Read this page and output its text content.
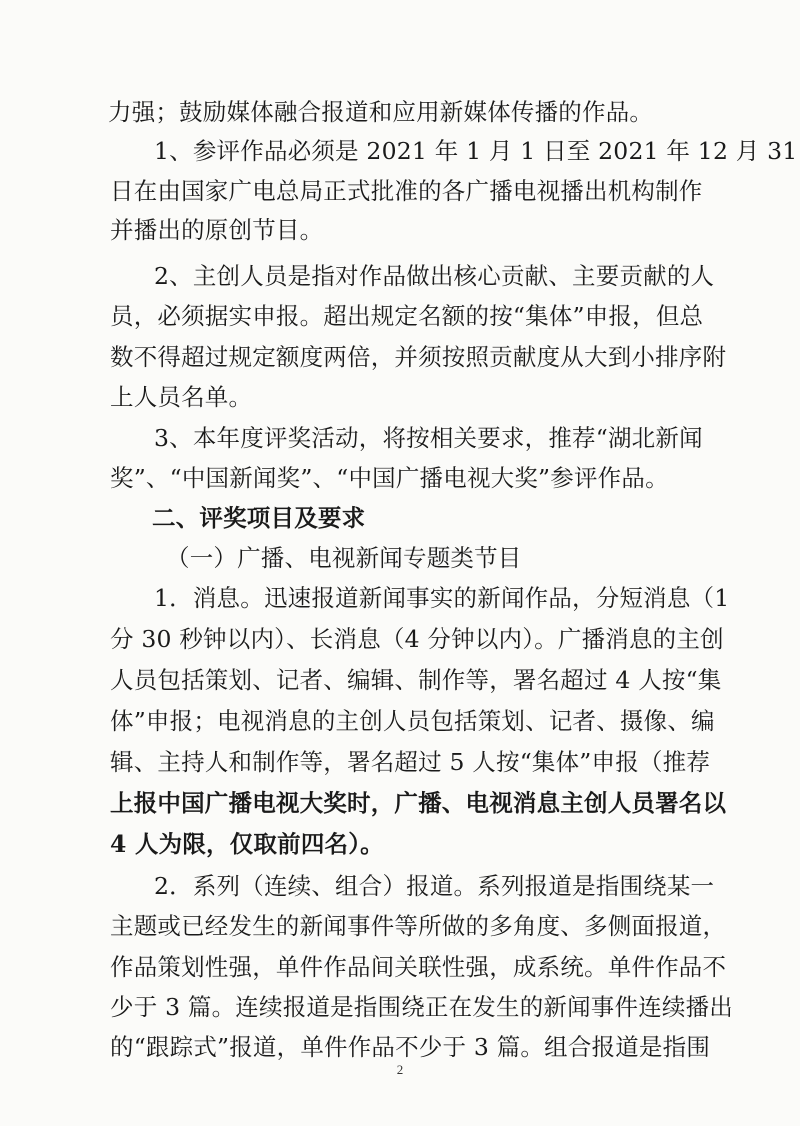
力强；鼓励媒体融合报道和应用新媒体传播的作品。
1、参评作品必须是 2021 年 1 月 1 日至 2021 年 12 月 31
日在由国家广电总局正式批准的各广播电视播出机构制作
并播出的原创节目。
2、主创人员是指对作品做出核心贡献、主要贡献的人
员，必须据实申报。超出规定名额的按“集体”申报，但总
数不得超过规定额度两倍，并须按照贡献度从大到小排序附
上人员名单。
3、本年度评奖活动，将按相关要求，推荐“湖北新闻
奖”、“中国新闻奖”、“中国广播电视大奖”参评作品。
二、评奖项目及要求
（一）广播、电视新闻专题类节目
1．消息。迅速报道新闻事实的新闻作品，分短消息（1
分 30 秒钟以内）、长消息（4 分钟以内）。广播消息的主创
人员包括策划、记者、编辑、制作等，署名超过 4 人按“集
体”申报；电视消息的主创人员包括策划、记者、摄像、编
辑、主持人和制作等，署名超过 5 人按“集体”申报（推荐
上报中国广播电视大奖时，广播、电视消息主创人员署名以
4 人为限，仅取前四名）。
2．系列（连续、组合）报道。系列报道是指围绕某一
主题或已经发生的新闻事件等所做的多角度、多侧面报道，
作品策划性强，单件作品间关联性强，成系统。单件作品不
少于 3 篇。连续报道是指围绕正在发生的新闻事件连续播出
的“跟踪式”报道，单件作品不少于 3 篇。组合报道是指围
2
